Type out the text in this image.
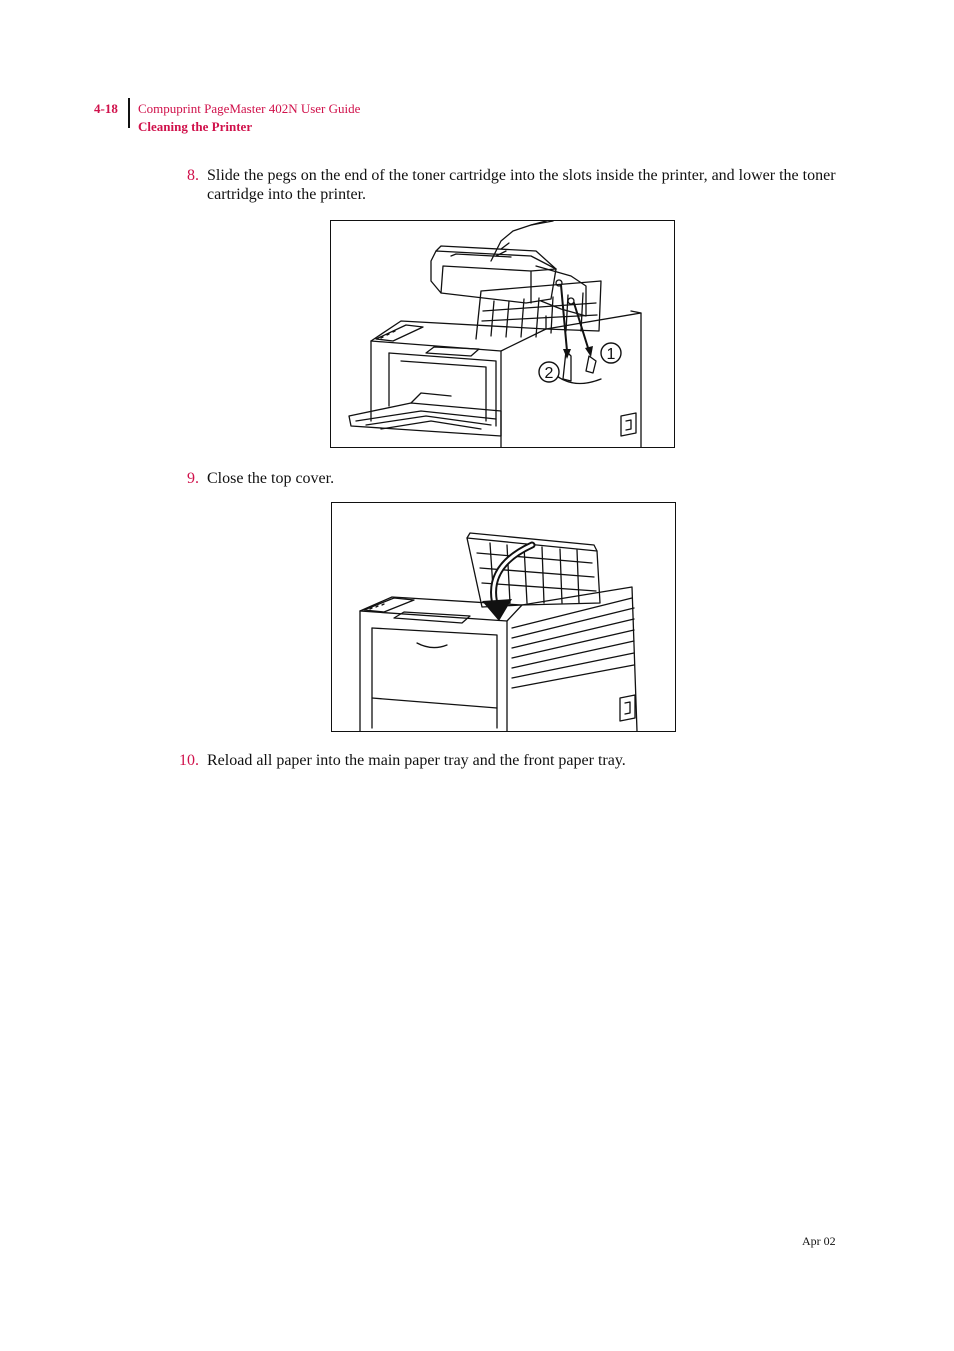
4-18	Compuprint PageMaster 402N User Guide
Cleaning the Printer
8. Slide the pegs on the end of the toner cartridge into the slots inside the printer, and lower the toner cartridge into the printer.
1
2
9. Close the top cover.
10. Reload all paper into the main paper tray and the front paper tray.
Apr 02
